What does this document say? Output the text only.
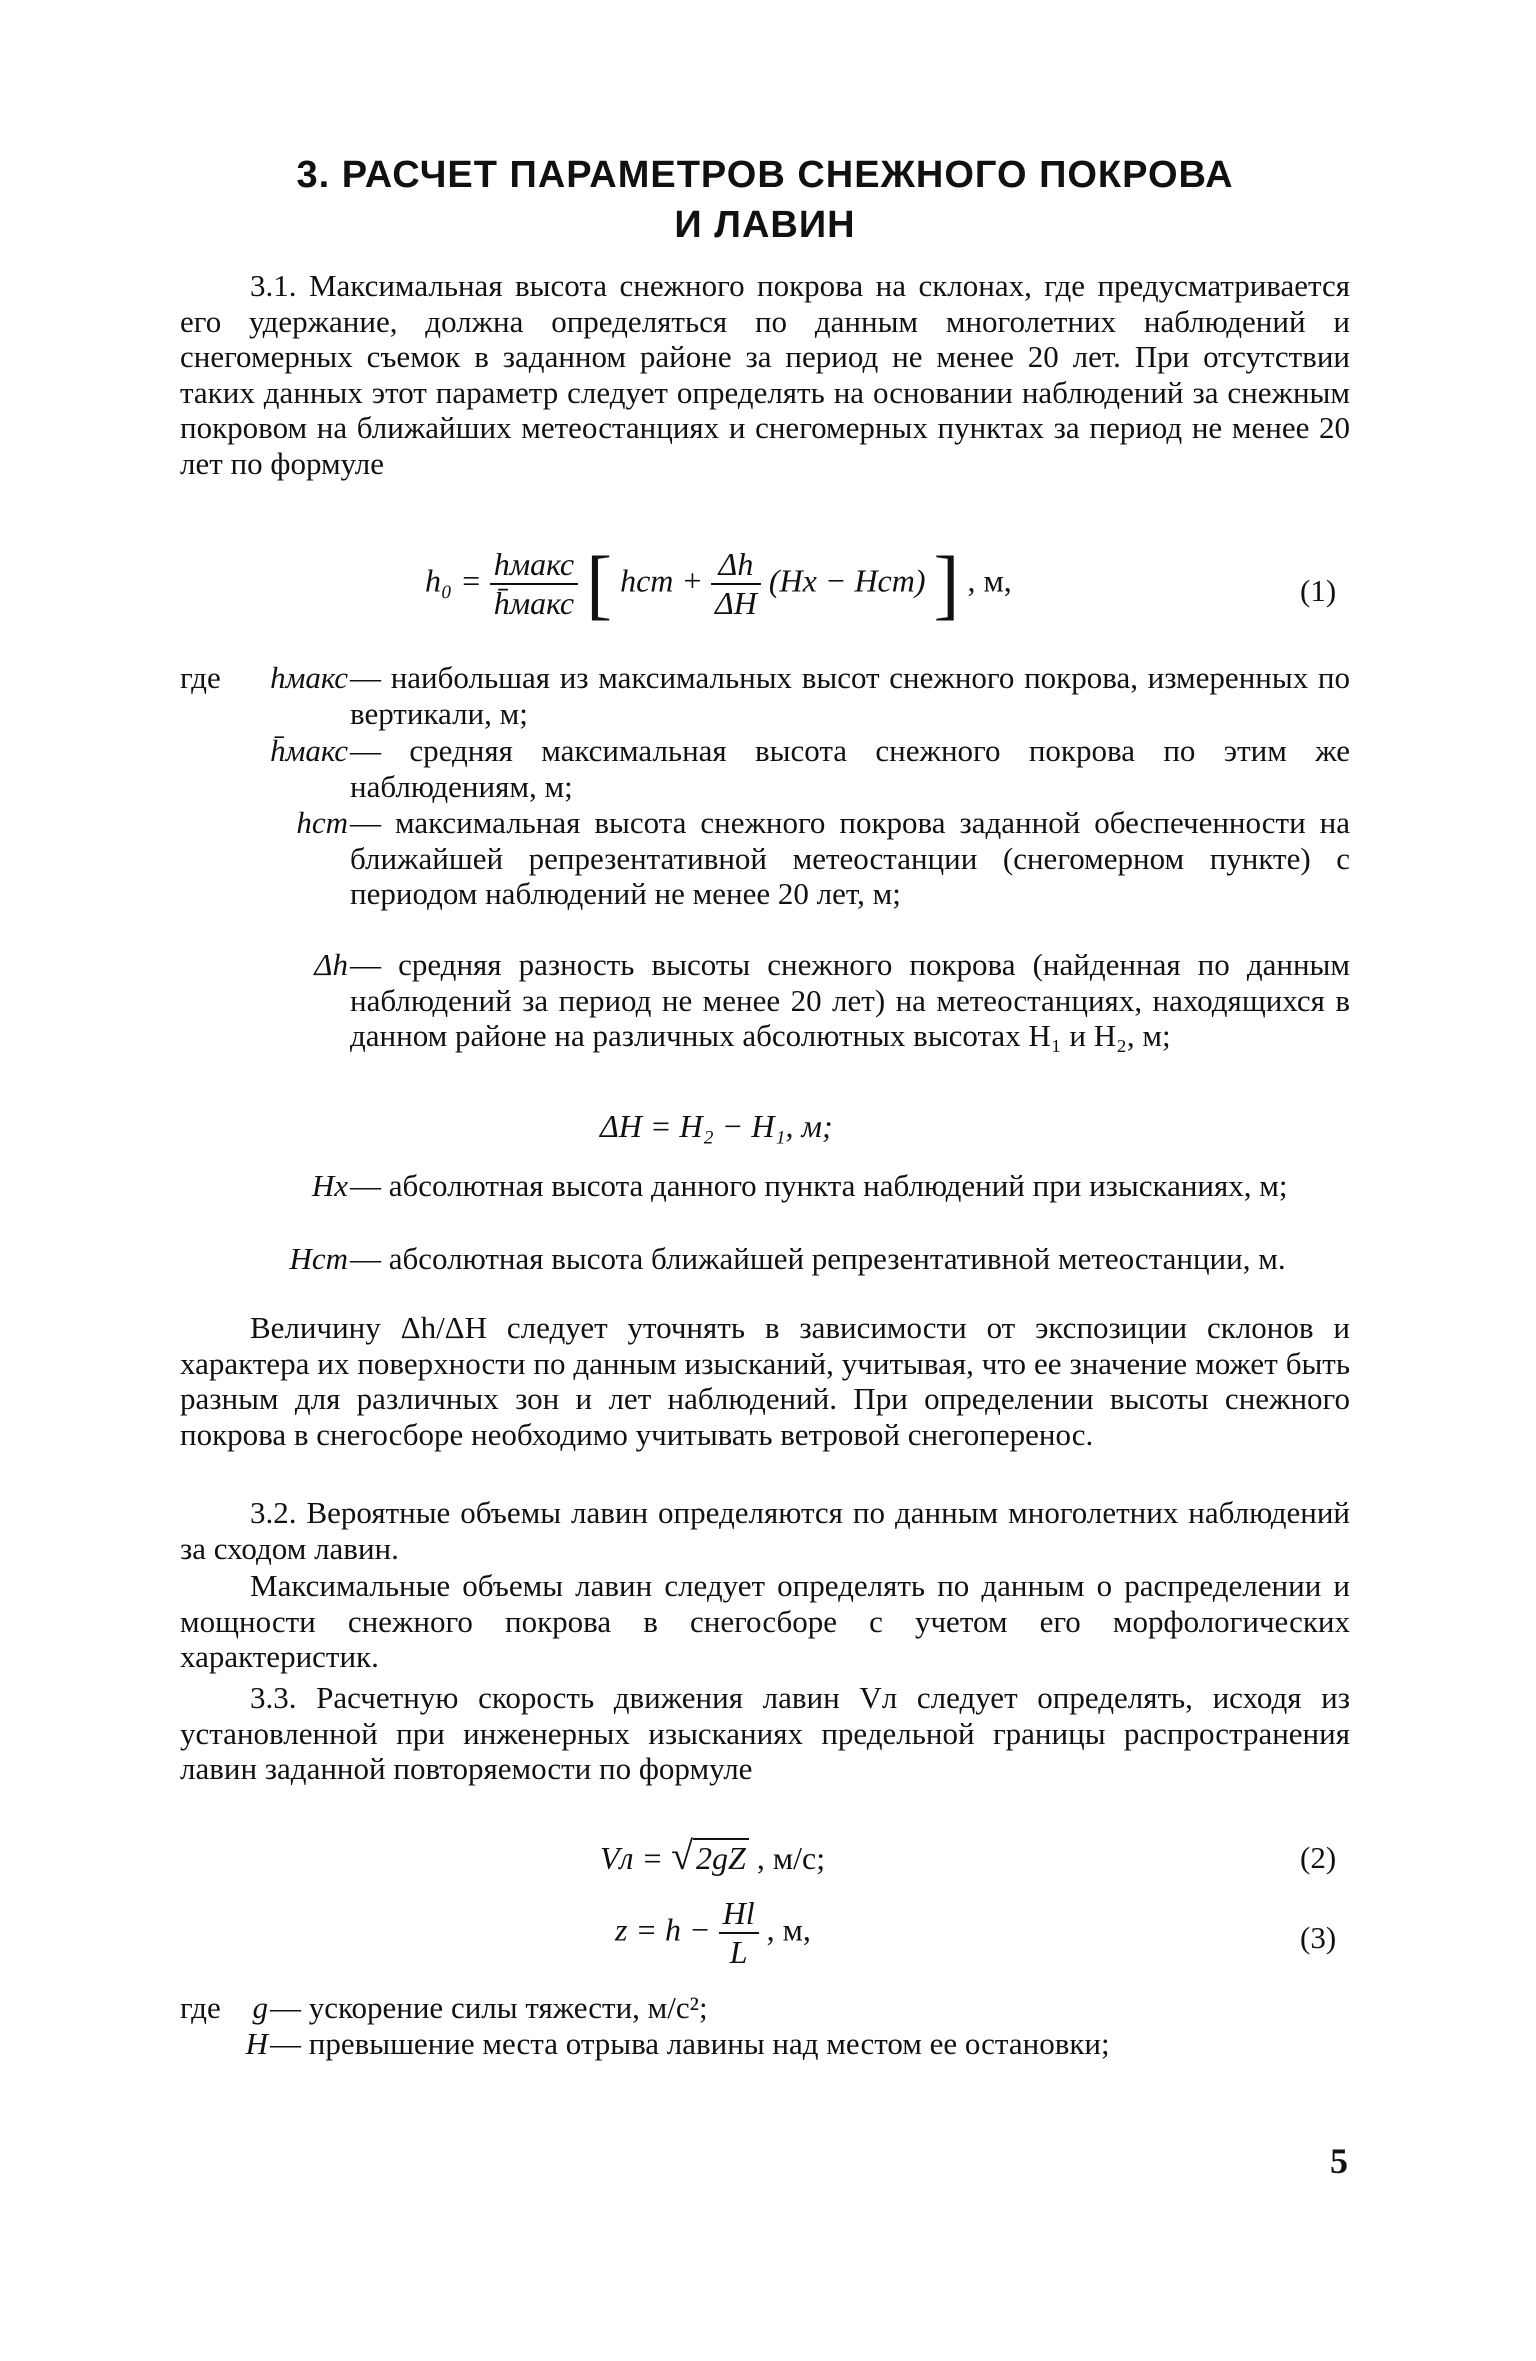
3. РАСЧЕТ ПАРАМЕТРОВ СНЕЖНОГО ПОКРОВА
И ЛАВИН

3.1. Максимальная высота снежного покрова на склонах, где предусматривается его удержание, должна определяться по данным многолетних наблюдений и снегомерных съемок в заданном районе за период не менее 20 лет. При отсутствии таких данных этот параметр следует определять на основании наблюдений за снежным покровом на ближайших метеостанциях и снегомерных пунктах за период не менее 20 лет по формуле

$h_0 = \frac{\text{hмакс}}{\text{h̄макс}}$ [ hст + $\frac{\Delta h}{\Delta H} (Hx - Hст)$ ] , м,	(1)
где	hмакс — наибольшая из максимальных высот снежного покрова, измеренных по вертикали, м;
h̄макс — средняя максимальная высота снежного покрова по этим же наблюдениям, м;
hст — максимальная высота снежного покрова заданной обеспеченности на ближайшей репрезентативной метеостанции (снегомерном пункте) с периодом наблюдений не менее 20 лет, м;
Δh — средняя разность высоты снежного покрова (найденная по данным наблюдений за период не менее 20 лет) на метеостанциях, находящихся в данном районе на различных абсолютных высотах H₁ и H₂, м;
ΔH = H₂ − H₁, м;
Hx — абсолютная высота данного пункта наблюдений при изысканиях, м;
Hст — абсолютная высота ближайшей репрезентативной метеостанции, м.

Величину Δh/ΔH следует уточнять в зависимости от экспозиции склонов и характера их поверхности по данным изысканий, учитывая, что ее значение может быть разным для различных зон и лет наблюдений. При определении высоты снежного покрова в снегосборе необходимо учитывать ветровой снегоперенос.

3.2. Вероятные объемы лавин определяются по данным многолетних наблюдений за сходом лавин.

Максимальные объемы лавин следует определять по данным о распределении и мощности снежного покрова в снегосборе с учетом его морфологических характеристик.

3.3. Расчетную скорость движения лавин Vл следует определять, исходя из установленной при инженерных изысканиях предельной границы распространения лавин заданной повторяемости по формуле

Vл = √2gZ , м/с;	(2)
$z = h - \frac{Hl}{L}$ , м,	(3)
где	g — ускорение силы тяжести, м/с²;
H — превышение места отрыва лавины над местом ее остановки;
5
